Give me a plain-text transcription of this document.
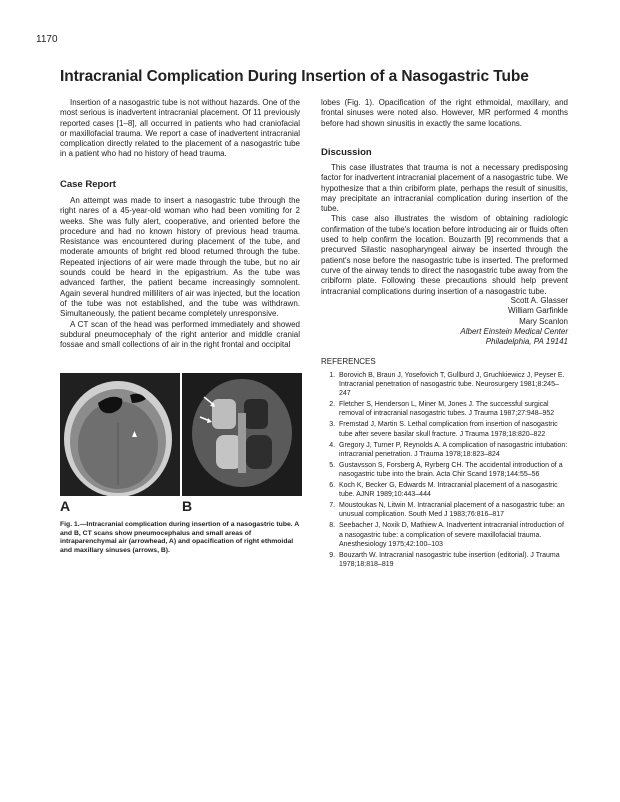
1170
Intracranial Complication During Insertion of a Nasogastric Tube

Insertion of a nasogastric tube is not without hazards. One of the most serious is inadvertent intracranial placement. Of 11 previously reported cases [1–8], all occurred in patients who had craniofacial or maxillofacial trauma. We report a case of inadvertent intracranial complication directly related to the placement of a nasogastric tube in a patient who had no history of head trauma.

Case Report

An attempt was made to insert a nasogastric tube through the right nares of a 45-year-old woman who had been vomiting for 2 weeks. She was fully alert, cooperative, and oriented before the procedure and had no known history of previous head trauma. Resistance was encountered during placement of the tube, and moderate amounts of bright red blood returned through the tube. Repeated injections of air were made through the tube, but no air sounds could be heard in the epigastrium. As the tube was advanced farther, the patient became increasingly somnolent. Again several hundred milliliters of air was injected, but the location of the tube was not established, and the tube was withdrawn. Simultaneously, the patient became completely unresponsive.

A CT scan of the head was performed immediately and showed subdural pneumocephaly of the right anterior and middle cranial fossae and small collections of air in the right frontal and occipital

A	B
Fig. 1.—Intracranial complication during insertion of a nasogastric tube. A and B, CT scans show pneumocephalus and small areas of intraparenchymal air (arrowhead, A) and opacification of right ethmoidal and maxillary sinuses (arrows, B).

lobes (Fig. 1). Opacification of the right ethmoidal, maxillary, and frontal sinuses were noted also. However, MR performed 4 months before had shown sinusitis in exactly the same locations.

Discussion

This case illustrates that trauma is not a necessary predisposing factor for inadvertent intracranial placement of a nasogastric tube. We hypothesize that a thin cribiform plate, perhaps the result of sinusitis, may precipitate an intracranial complication during insertion of the tube.

This case also illustrates the wisdom of obtaining radiologic confirmation of the tube's location before introducing air or fluids often used to help confirm the location. Bouzarth [9] recommends that a precurved Silastic nasopharyngeal airway be inserted through the patient's nose before the nasogastric tube is inserted. The preformed curve of the airway tends to direct the nasogastric tube away from the cribiform plate. Following these precautions should help prevent intracranial complications during insertion of a nasogastric tube.

Scott A. Glasser
William Garfinkle
Mary Scanlon
Albert Einstein Medical Center
Philadelphia, PA 19141
REFERENCES
1. Borovich B, Braun J, Yosefovich T, Gullburd J, Gruchkiewicz J, Peyser E. Intracranial penetration of nasogastric tube. Neurosurgery 1981;8:245–247
2. Fletcher S, Henderson L, Miner M, Jones J. The successful surgical removal of intracranial nasogastric tubes. J Trauma 1987;27:948–952
3. Fremstad J, Martin S. Lethal complication from insertion of nasogastric tube after severe basilar skull fracture. J Trauma 1978;18:820–822
4. Gregory J, Turner P, Reynolds A. A complication of nasogastric intubation: intracranial penetration. J Trauma 1978;18:823–824
5. Gustavsson S, Forsberg A, Ryrberg CH. The accidental introduction of a nasogastric tube into the brain. Acta Chir Scand 1978;144:55–56
6. Koch K, Becker G, Edwards M. Intracranial placement of a nasogastric tube. AJNR 1989;10:443–444
7. Moustoukas N, Litwin M. Intracranial placement of a nasogastric tube: an unusual complication. South Med J 1983;76:816–817
8. Seebacher J, Noxik D, Mathiew A. Inadvertent intracranial introduction of a nasogastric tube: a complication of severe maxillofacial trauma. Anesthesiology 1975;42:100–103
9. Bouzarth W. Intracranial nasogastric tube insertion (editorial). J Trauma 1978;18:818–819
